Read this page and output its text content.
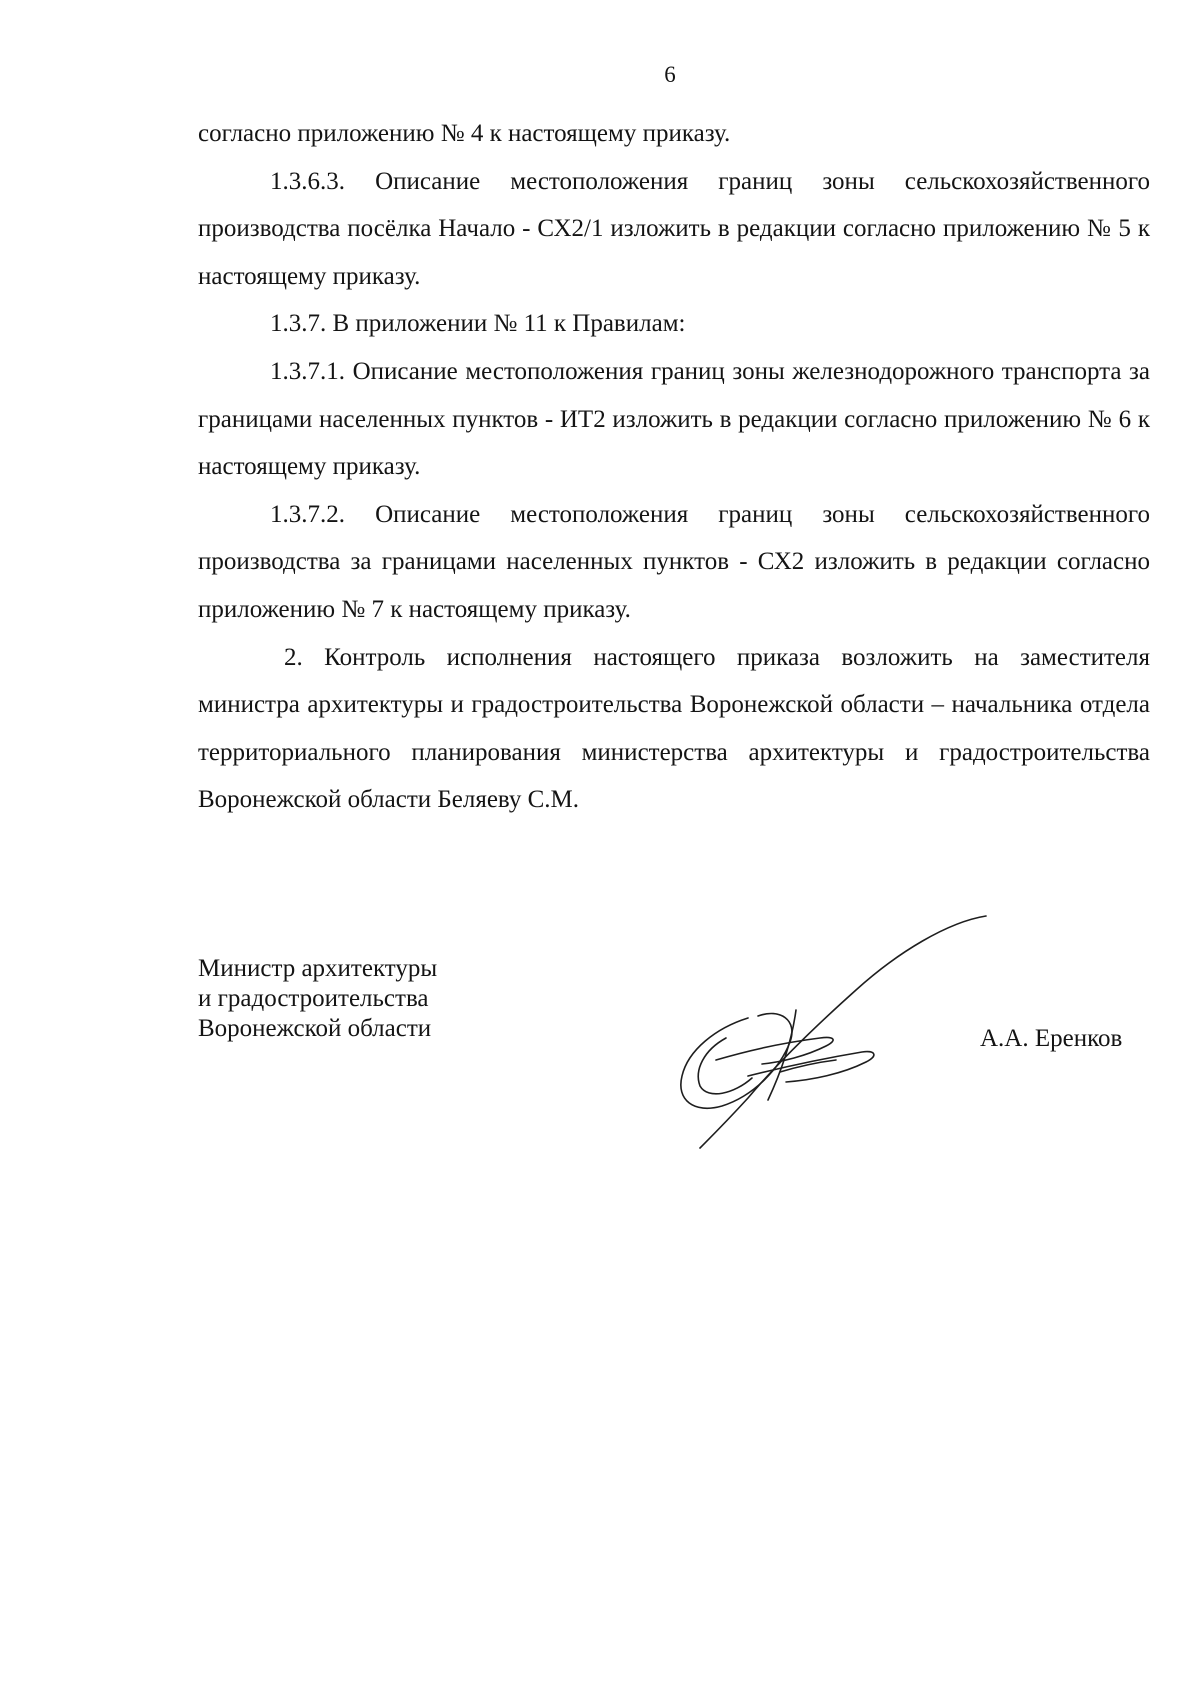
6

согласно приложению № 4 к настоящему приказу.

1.3.6.3. Описание местоположения границ зоны сельскохозяйственного производства посёлка Начало - СХ2/1 изложить в редакции согласно приложению № 5 к настоящему приказу.

1.3.7. В приложении № 11 к Правилам:

1.3.7.1. Описание местоположения границ зоны железнодорожного транспорта за границами населенных пунктов - ИТ2 изложить в редакции согласно приложению № 6 к настоящему приказу.

1.3.7.2. Описание местоположения границ зоны сельскохозяйственного производства за границами населенных пунктов - СХ2 изложить в редакции согласно приложению № 7 к настоящему приказу.

2. Контроль исполнения настоящего приказа возложить на заместителя министра архитектуры и градостроительства Воронежской области – начальника отдела территориального планирования министерства архитектуры и градостроительства Воронежской области Беляеву С.М.

Министр архитектуры
и градостроительства
Воронежской области	А.А. Еренков
